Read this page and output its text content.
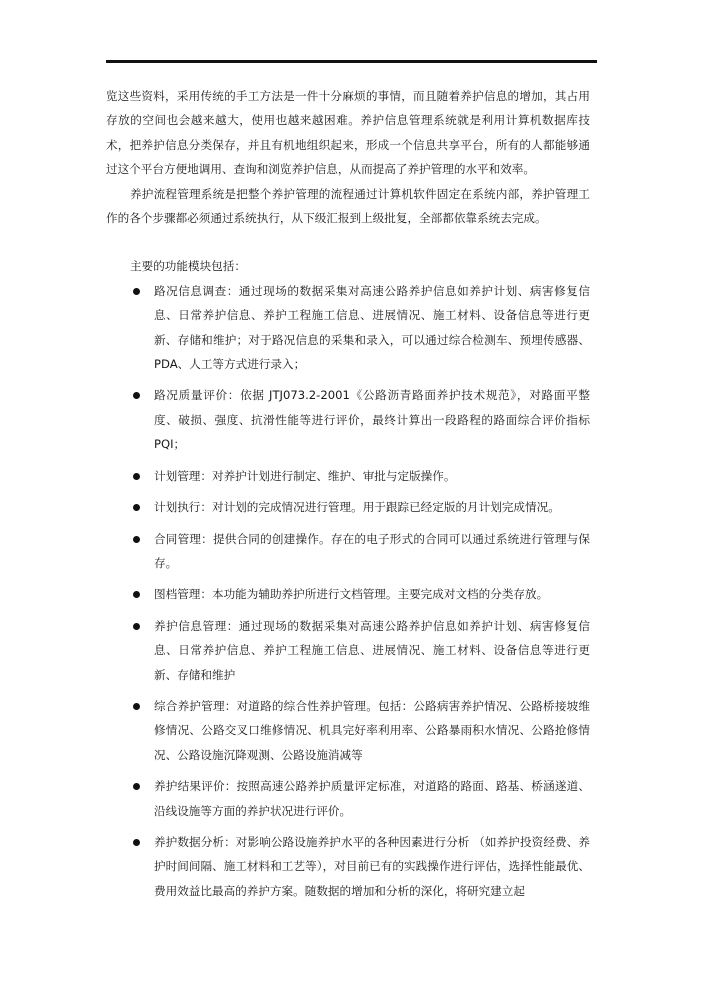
览这些资料，采用传统的手工方法是一件十分麻烦的事情，而且随着养护信息的增加，其占用存放的空间也会越来越大，使用也越来越困难。养护信息管理系统就是利用计算机数据库技术，把养护信息分类保存，并且有机地组织起来，形成一个信息共享平台，所有的人都能够通过这个平台方便地调用、查询和浏览养护信息，从而提高了养护管理的水平和效率。

养护流程管理系统是把整个养护管理的流程通过计算机软件固定在系统内部，养护管理工作的各个步骤都必须通过系统执行，从下级汇报到上级批复，全部都依靠系统去完成。

主要的功能模块包括：

路况信息调查：通过现场的数据采集对高速公路养护信息如养护计划、病害修复信息、日常养护信息、养护工程施工信息、进展情况、施工材料、设备信息等进行更新、存储和维护；对于路况信息的采集和录入，可以通过综合检测车、预埋传感器、PDA、人工等方式进行录入；
路况质量评价：依据 JTJ073.2-2001《公路沥青路面养护技术规范》，对路面平整度、破损、强度、抗滑性能等进行评价，最终计算出一段路程的路面综合评价指标 PQI；
计划管理：对养护计划进行制定、维护、审批与定版操作。
计划执行：对计划的完成情况进行管理。用于跟踪已经定版的月计划完成情况。
合同管理：提供合同的创建操作。存在的电子形式的合同可以通过系统进行管理与保存。
图档管理：本功能为辅助养护所进行文档管理。主要完成对文档的分类存放。
养护信息管理：通过现场的数据采集对高速公路养护信息如养护计划、病害修复信息、日常养护信息、养护工程施工信息、进展情况、施工材料、设备信息等进行更新、存储和维护
综合养护管理：对道路的综合性养护管理。包括：公路病害养护情况、公路桥接坡维修情况、公路交叉口维修情况、机具完好率利用率、公路暴雨积水情况、公路抢修情况、公路设施沉降观测、公路设施消减等
养护结果评价：按照高速公路养护质量评定标准，对道路的路面、路基、桥涵遂道、沿线设施等方面的养护状况进行评价。
养护数据分析：对影响公路设施养护水平的各种因素进行分析 （如养护投资经费、养护时间间隔、施工材料和工艺等），对目前已有的实践操作进行评估，选择性能最优、费用效益比最高的养护方案。随数据的增加和分析的深化，将研究建立起
